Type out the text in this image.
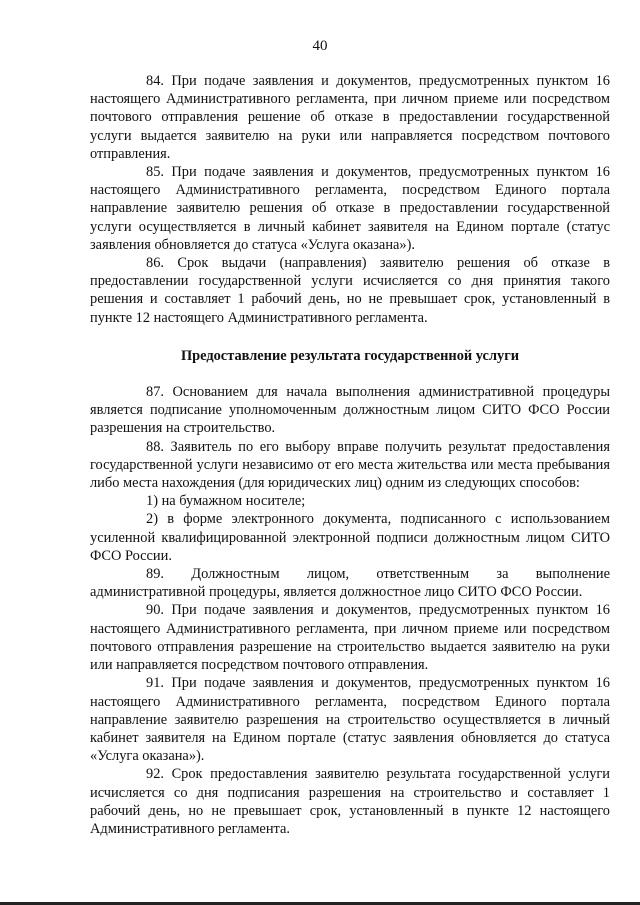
40

84. При подаче заявления и документов, предусмотренных пунктом 16 настоящего Административного регламента, при личном приеме или посредством почтового отправления решение об отказе в предоставлении государственной услуги выдается заявителю на руки или направляется посредством почтового отправления.

85. При подаче заявления и документов, предусмотренных пунктом 16 настоящего Административного регламента, посредством Единого портала направление заявителю решения об отказе в предоставлении государственной услуги осуществляется в личный кабинет заявителя на Едином портале (статус заявления обновляется до статуса «Услуга оказана»).

86. Срок выдачи (направления) заявителю решения об отказе в предоставлении государственной услуги исчисляется со дня принятия такого решения и составляет 1 рабочий день, но не превышает срок, установленный в пункте 12 настоящего Административного регламента.

Предоставление результата государственной услуги

87. Основанием для начала выполнения административной процедуры является подписание уполномоченным должностным лицом СИТО ФСО России разрешения на строительство.

88. Заявитель по его выбору вправе получить результат предоставления государственной услуги независимо от его места жительства или места пребывания либо места нахождения (для юридических лиц) одним из следующих способов:

1) на бумажном носителе;

2) в форме электронного документа, подписанного с использованием усиленной квалифицированной электронной подписи должностным лицом СИТО ФСО России.

89. Должностным лицом, ответственным за выполнение административной процедуры, является должностное лицо СИТО ФСО России.

90. При подаче заявления и документов, предусмотренных пунктом 16 настоящего Административного регламента, при личном приеме или посредством почтового отправления разрешение на строительство выдается заявителю на руки или направляется посредством почтового отправления.

91. При подаче заявления и документов, предусмотренных пунктом 16 настоящего Административного регламента, посредством Единого портала направление заявителю разрешения на строительство осуществляется в личный кабинет заявителя на Едином портале (статус заявления обновляется до статуса «Услуга оказана»).

92. Срок предоставления заявителю результата государственной услуги исчисляется со дня подписания разрешения на строительство и составляет 1 рабочий день, но не превышает срок, установленный в пункте 12 настоящего Административного регламента.
